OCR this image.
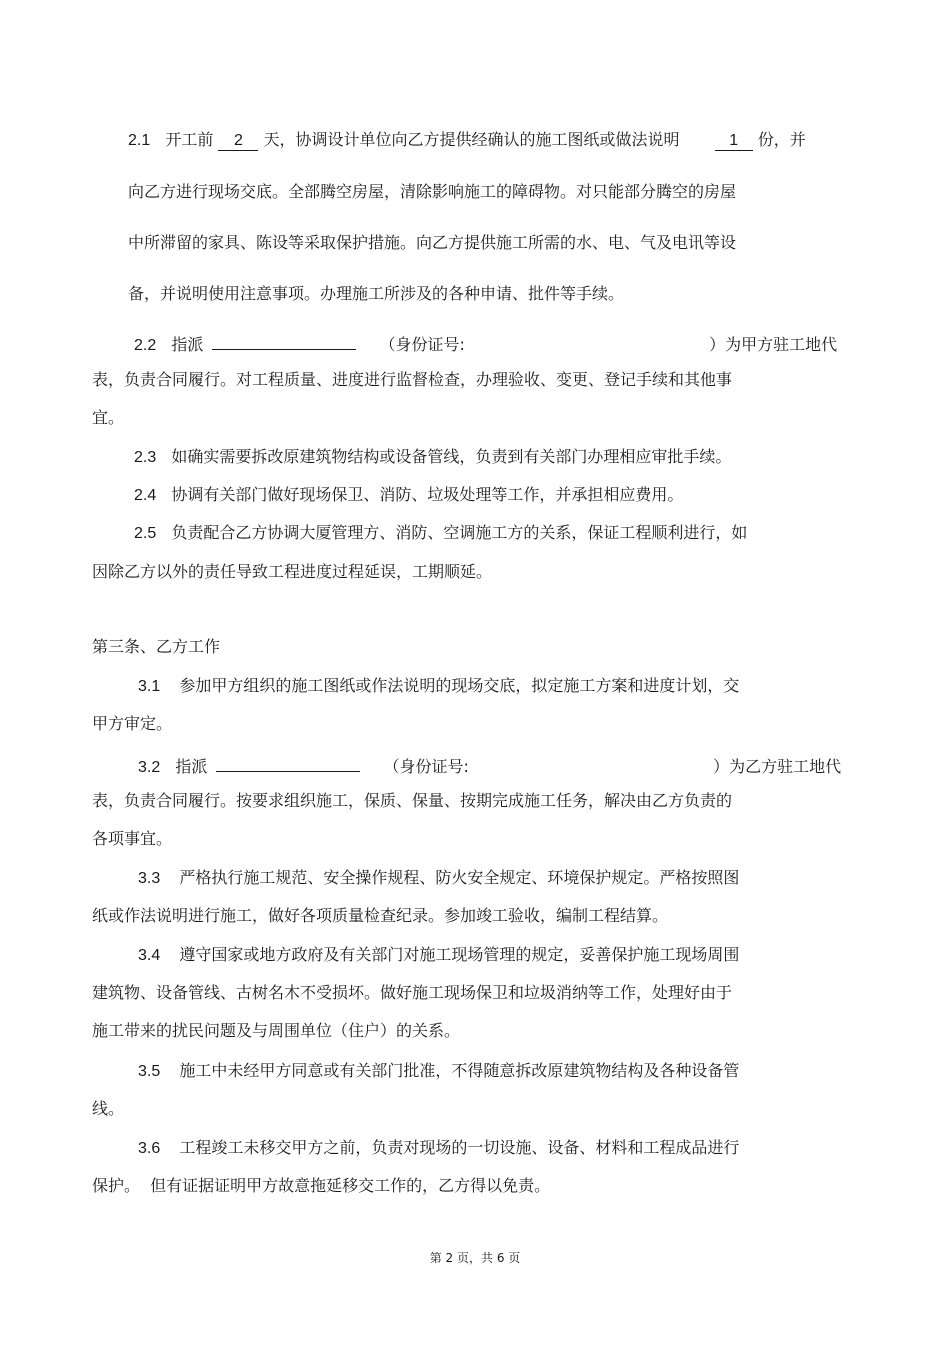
2.1 开工前 2 天，协调设计单位向乙方提供经确认的施工图纸或做法说明	1 份，并
向乙方进行现场交底。全部腾空房屋，清除影响施工的障碍物。对只能部分腾空的房屋
中所滞留的家具、陈设等采取保护措施。向乙方提供施工所需的水、电、气及电讯等设
备，并说明使用注意事项。办理施工所涉及的各种申请、批件等手续。
2.2 指派	（身份证号:	）为甲方驻工地代
表，负责合同履行。对工程质量、进度进行监督检查，办理验收、变更、登记手续和其他事
宜。
2.3 如确实需要拆改原建筑物结构或设备管线，负责到有关部门办理相应审批手续。
2.4 协调有关部门做好现场保卫、消防、垃圾处理等工作，并承担相应费用。
2.5 负责配合乙方协调大厦管理方、消防、空调施工方的关系，保证工程顺利进行，如
因除乙方以外的责任导致工程进度过程延误，工期顺延。
第三条、乙方工作
3.1 参加甲方组织的施工图纸或作法说明的现场交底，拟定施工方案和进度计划，交
甲方审定。
3.2 指派	（身份证号:	）为乙方驻工地代
表，负责合同履行。按要求组织施工，保质、保量、按期完成施工任务，解决由乙方负责的
各项事宜。
3.3 严格执行施工规范、安全操作规程、防火安全规定、环境保护规定。严格按照图
纸或作法说明进行施工，做好各项质量检查纪录。参加竣工验收，编制工程结算。
3.4 遵守国家或地方政府及有关部门对施工现场管理的规定，妥善保护施工现场周围
建筑物、设备管线、古树名木不受损坏。做好施工现场保卫和垃圾消纳等工作，处理好由于
施工带来的扰民问题及与周围单位（住户）的关系。
3.5 施工中未经甲方同意或有关部门批准，不得随意拆改原建筑物结构及各种设备管
线。
3.6 工程竣工未移交甲方之前，负责对现场的一切设施、设备、材料和工程成品进行
保护。  但有证据证明甲方故意拖延移交工作的，乙方得以免责。
第 2 页，共 6 页
